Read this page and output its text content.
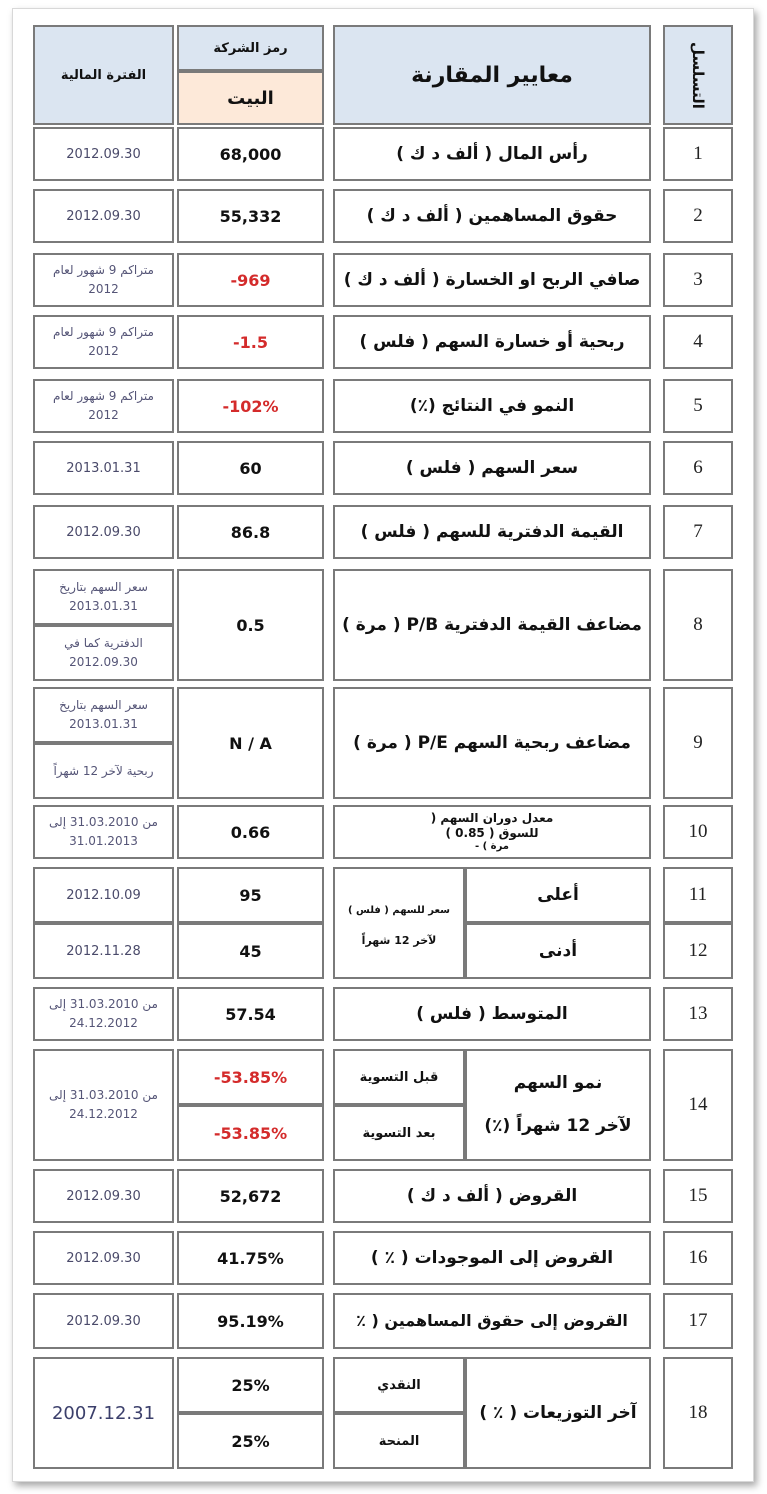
التسلسل
معايير المقارنة
رمز الشركة
البيت
الفترة المالية
1
رأس المال ( ألف د ك )
68,000
2012.09.30
2
حقوق المساهمين ( ألف د ك )
55,332
2012.09.30
3
صافي الربح او الخسارة ( ألف د ك )
-969
متراكم 9 شهور لعام 2012
4
ربحية أو خسارة السهم ( فلس )
-1.5
متراكم 9 شهور لعام 2012
5
النمو في النتائج (٪)
-102%
متراكم 9 شهور لعام 2012
6
سعر السهم ( فلس )
60
2013.01.31
7
القيمة الدفترية للسهم ( فلس )
86.8
2012.09.30
8
مضاعف القيمة الدفترية P/B ( مرة )
0.5
سعر السهم بتاريخ 2013.01.31
الدفترية كما في 2012.09.30
9
مضاعف ربحية السهم P/E ( مرة )
N / A
سعر السهم بتاريخ 2013.01.31
ربحية لآخر 12 شهراً
10
معدل دوران السهم (
للسوق ( 0.85 )
مرة ) -
0.66
من 31.03.2010 إلى 31.01.2013
11
12
أعلى
أدنى
سعر للسهم ( فلس )
لآخر 12 شهراً
95
45
2012.10.09
2012.11.28
13
المتوسط ( فلس )
57.54
من 31.03.2010 إلى 24.12.2012
14
نمو السهم
لآخر 12 شهراً (٪)
قبل التسوية
بعد التسوية
-53.85%
-53.85%
من 31.03.2010 إلى 24.12.2012
15
القروض ( ألف د ك )
52,672
2012.09.30
16
القروض إلى الموجودات ( ٪ )
41.75%
2012.09.30
17
القروض إلى حقوق المساهمين ( ٪
95.19%
2012.09.30
18
آخر التوزيعات ( ٪ )
النقدي
المنحة
25%
25%
2007.12.31
